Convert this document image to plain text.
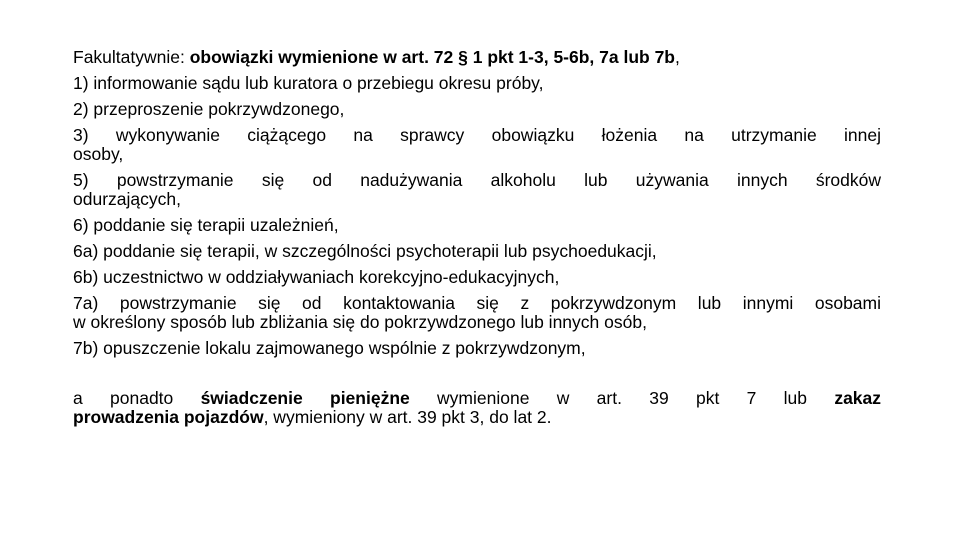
Fakultatywnie: obowiązki wymienione w art. 72 § 1 pkt 1-3, 5-6b, 7a lub 7b,
1) informowanie sądu lub kuratora o przebiegu okresu próby,
2) przeproszenie pokrzywdzonego,
3) wykonywanie ciążącego na sprawcy obowiązku łożenia na utrzymanie innej
osoby,
5) powstrzymanie się od nadużywania alkoholu lub używania innych środków
odurzających,
6) poddanie się terapii uzależnień,
6a) poddanie się terapii, w szczególności psychoterapii lub psychoedukacji,
6b) uczestnictwo w oddziaływaniach korekcyjno-edukacyjnych,
7a) powstrzymanie się od kontaktowania się z pokrzywdzonym lub innymi osobami
w określony sposób lub zbliżania się do pokrzywdzonego lub innych osób,
7b) opuszczenie lokalu zajmowanego wspólnie z pokrzywdzonym,
a ponadto świadczenie pieniężne wymienione w art. 39 pkt 7 lub zakaz
prowadzenia pojazdów, wymieniony w art. 39 pkt 3, do lat 2.
